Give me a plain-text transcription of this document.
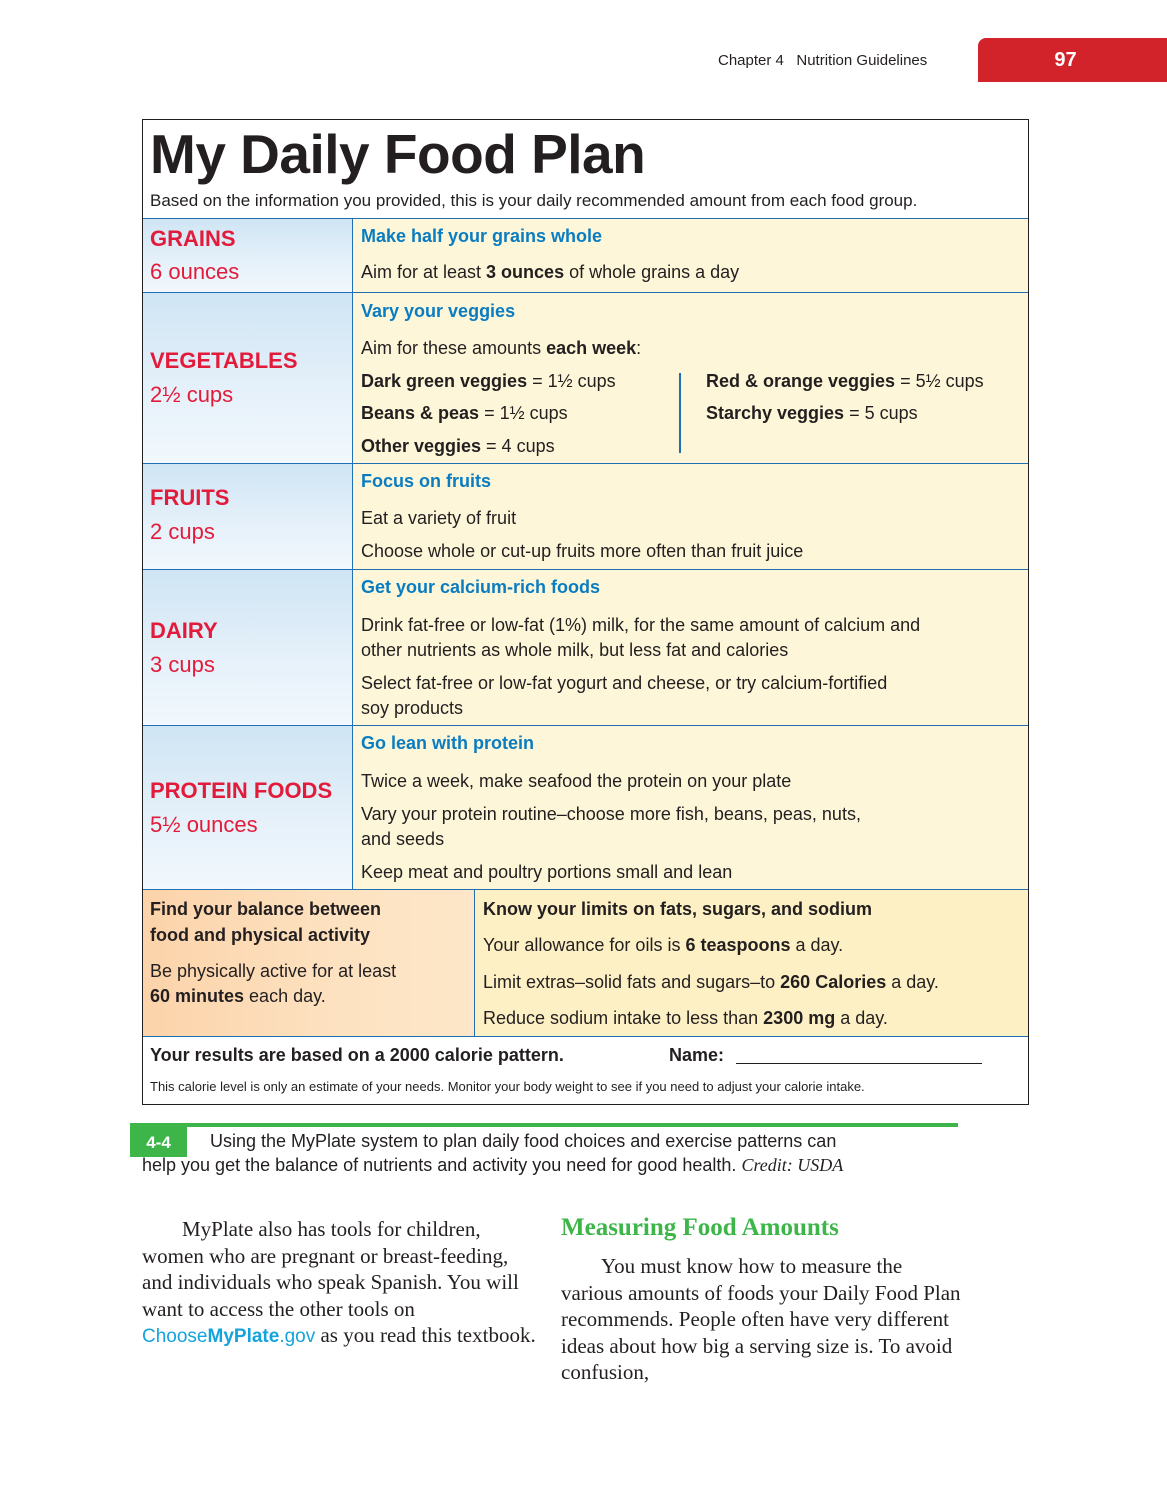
Chapter 4   Nutrition Guidelines	97
My Daily Food Plan
Based on the information you provided, this is your daily recommended amount from each food group.
GRAINS
6 ounces
Make half your grains whole
Aim for at least 3 ounces of whole grains a day
VEGETABLES
2½ cups
Vary your veggies
Aim for these amounts each week:
Dark green veggies = 1½ cups
Beans & peas = 1½ cups
Other veggies = 4 cups
Red & orange veggies = 5½ cups
Starchy veggies = 5 cups
FRUITS
2 cups
Focus on fruits
Eat a variety of fruit
Choose whole or cut-up fruits more often than fruit juice
DAIRY
3 cups
Get your calcium-rich foods
Drink fat-free or low-fat (1%) milk, for the same amount of calcium and
other nutrients as whole milk, but less fat and calories
Select fat-free or low-fat yogurt and cheese, or try calcium-fortified
soy products
PROTEIN FOODS
5½ ounces
Go lean with protein
Twice a week, make seafood the protein on your plate
Vary your protein routine–choose more fish, beans, peas, nuts,
and seeds
Keep meat and poultry portions small and lean
Find your balance between
food and physical activity
Be physically active for at least
60 minutes each day.
Know your limits on fats, sugars, and sodium
Your allowance for oils is 6 teaspoons a day.
Limit extras–solid fats and sugars–to 260 Calories a day.
Reduce sodium intake to less than 2300 mg a day.
Your results are based on a 2000 calorie pattern.	Name:
This calorie level is only an estimate of your needs. Monitor your body weight to see if you need to adjust your calorie intake.
4-4	Using the MyPlate system to plan daily food choices and exercise patterns can
help you get the balance of nutrients and activity you need for good health. Credit: USDA
MyPlate also has tools for children, women who are pregnant or breast-feeding, and individuals who speak Spanish. You will want to access the other tools on ChooseMyPlate.gov as you read this textbook.
Measuring Food Amounts
You must know how to measure the various amounts of foods your Daily Food Plan recommends. People often have very different ideas about how big a serving size is. To avoid confusion,
